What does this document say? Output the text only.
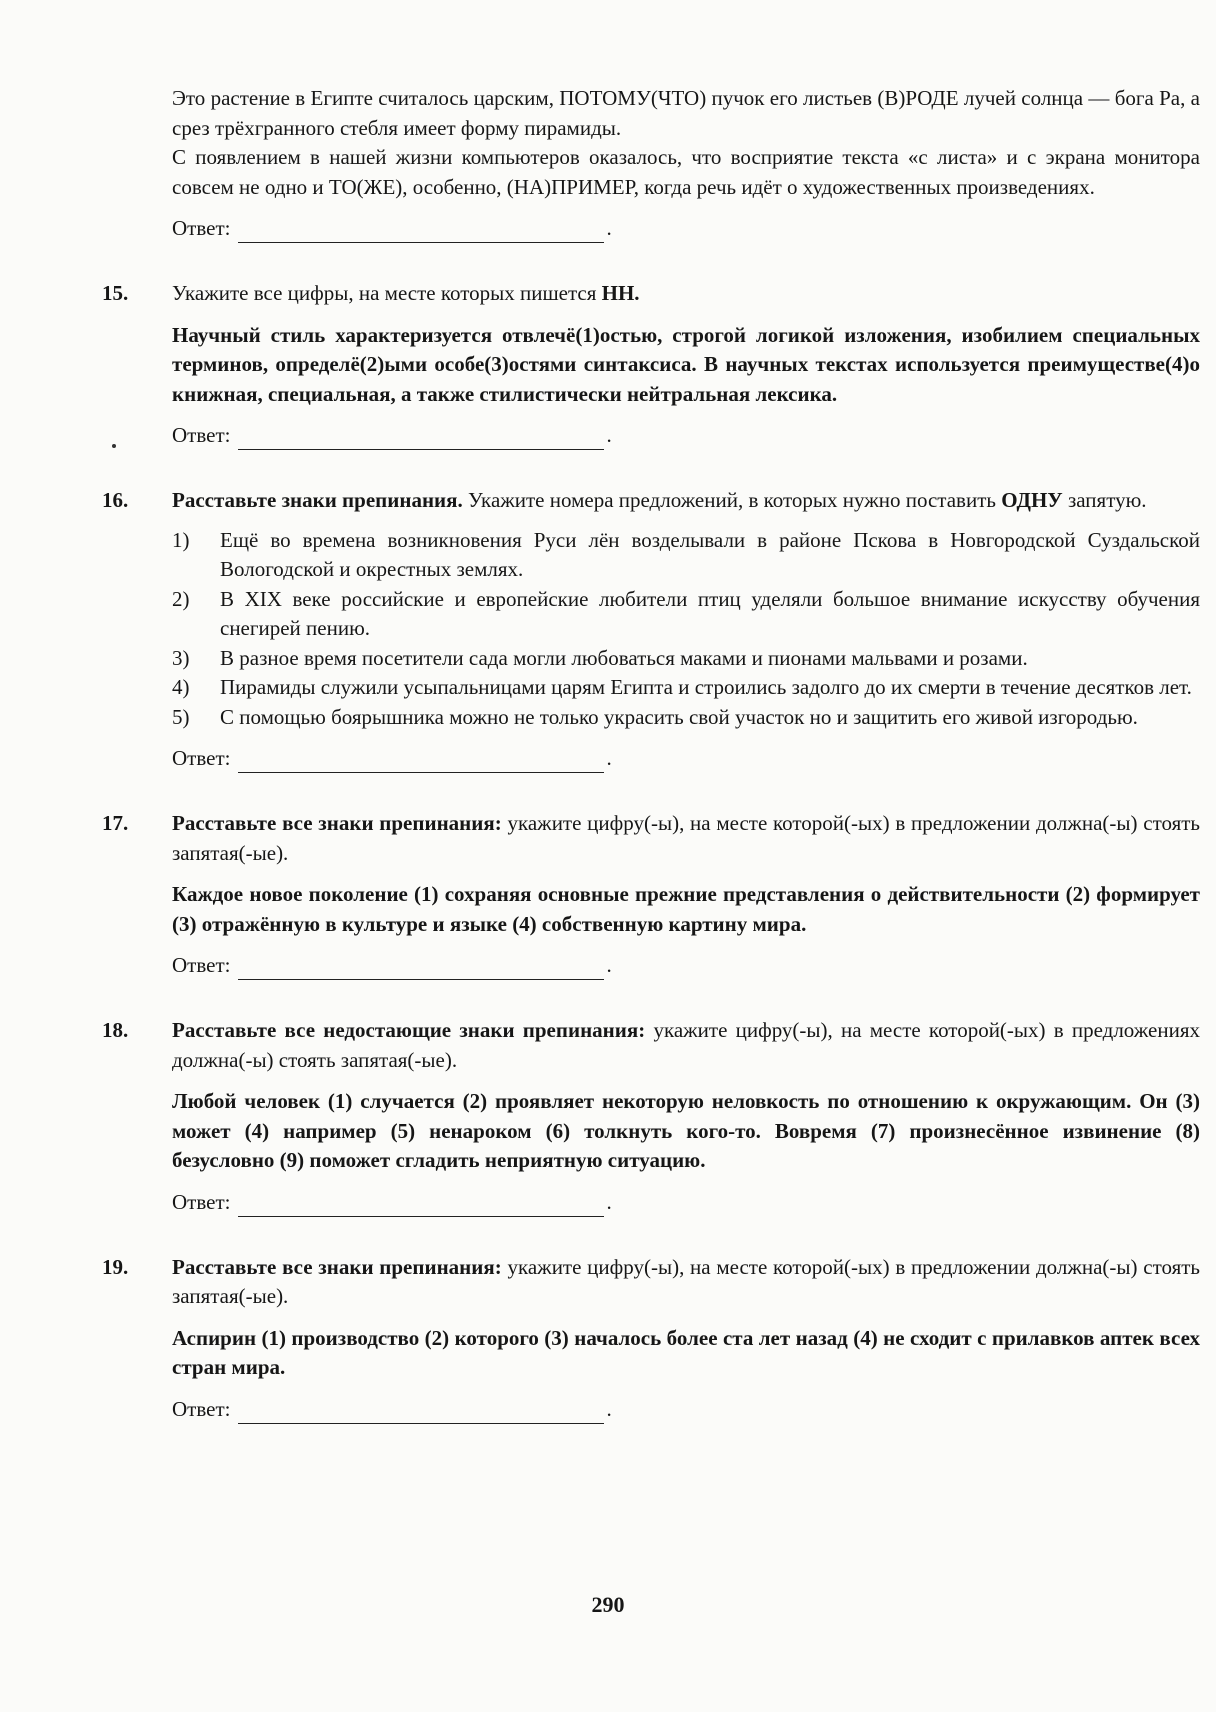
Это растение в Египте считалось царским, ПОТОМУ(ЧТО) пучок его листьев (В)РОДЕ лучей солнца — бога Ра, а срез трёхгранного стебля имеет форму пирамиды.

С появлением в нашей жизни компьютеров оказалось, что восприятие текста «с листа» и с экрана монитора совсем не одно и ТО(ЖЕ), особенно, (НА)ПРИМЕР, когда речь идёт о художественных произведениях.

Ответ:	.
15.	Укажите все цифры, на месте которых пишется НН.

Научный стиль характеризуется отвлечё(1)остью, строгой логикой изложения, изобилием специальных терминов, определё(2)ыми особе(3)остями синтаксиса. В научных текстах используется преимуществе(4)о книжная, специальная, а также стилистически нейтральная лексика.

Ответ:	.
16.	Расставьте знаки препинания. Укажите номера предложений, в которых нужно поставить ОДНУ запятую.

1)	Ещё во времена возникновения Руси лён возделывали в районе Пскова в Новгородской Суздальской Вологодской и окрестных землях.

2)	В XIX веке российские и европейские любители птиц уделяли большое внимание искусству обучения снегирей пению.

3)	В разное время посетители сада могли любоваться маками и пионами мальвами и розами.

4)	Пирамиды служили усыпальницами царям Египта и строились задолго до их смерти в течение десятков лет.

5)	С помощью боярышника можно не только украсить свой участок но и защитить его живой изгородью.

Ответ:	.
17.	Расставьте все знаки препинания: укажите цифру(-ы), на месте которой(-ых) в предложении должна(-ы) стоять запятая(-ые).

Каждое новое поколение (1) сохраняя основные прежние представления о действительности (2) формирует (3) отражённую в культуре и языке (4) собственную картину мира.

Ответ:	.
18.	Расставьте все недостающие знаки препинания: укажите цифру(-ы), на месте которой(-ых) в предложениях должна(-ы) стоять запятая(-ые).

Любой человек (1) случается (2) проявляет некоторую неловкость по отношению к окружающим. Он (3) может (4) например (5) ненароком (6) толкнуть кого-то. Вовремя (7) произнесённое извинение (8) безусловно (9) поможет сгладить неприятную ситуацию.

Ответ:	.
19.	Расставьте все знаки препинания: укажите цифру(-ы), на месте которой(-ых) в предложении должна(-ы) стоять запятая(-ые).

Аспирин (1) производство (2) которого (3) началось более ста лет назад (4) не сходит с прилавков аптек всех стран мира.

Ответ:	.
290
